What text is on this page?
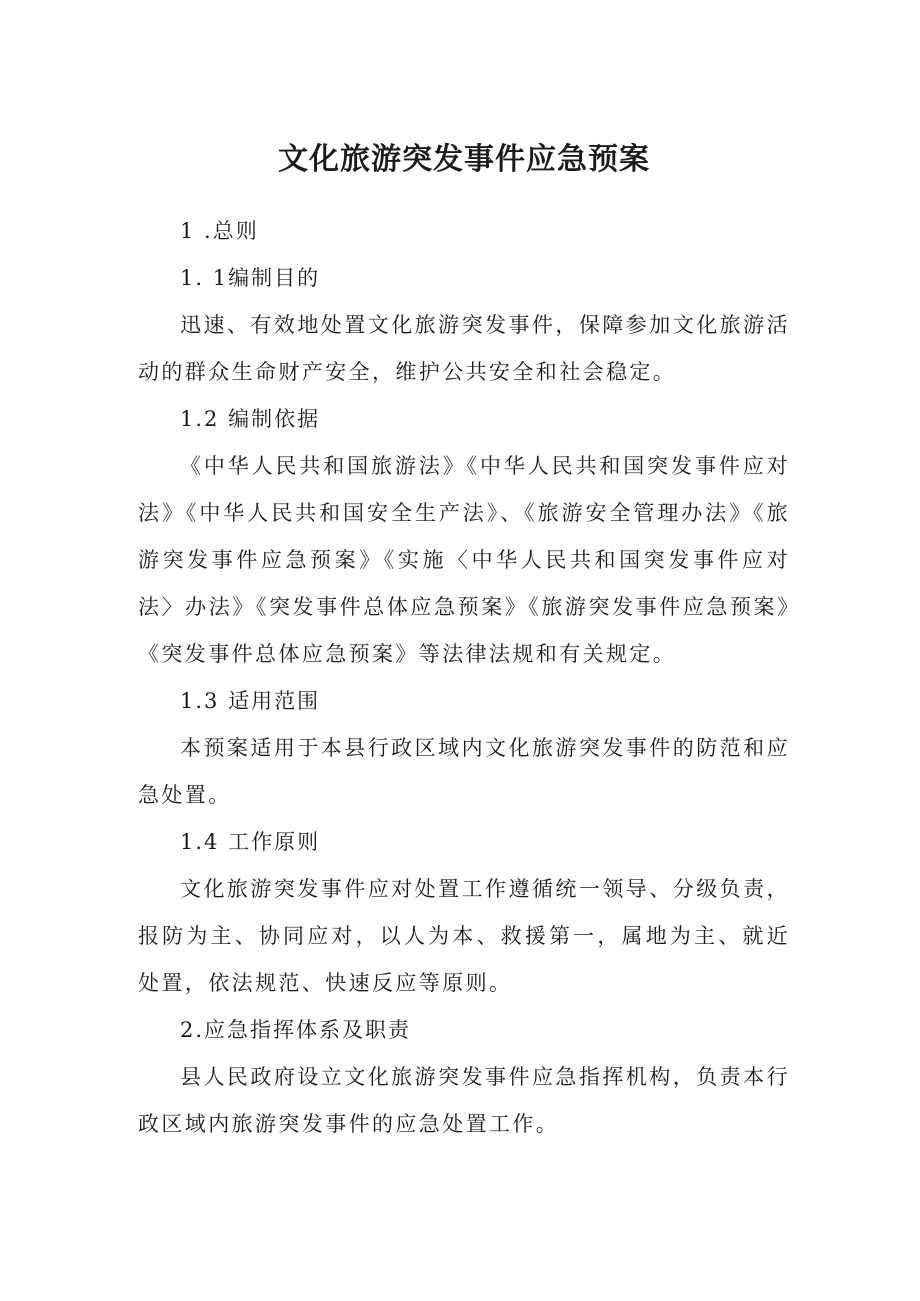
文化旅游突发事件应急预案

1 .总则

1. 1编制目的

迅速、有效地处置文化旅游突发事件，保障参加文化旅游活动的群众生命财产安全，维护公共安全和社会稳定。

1.2 编制依据

《中华人民共和国旅游法》《中华人民共和国突发事件应对法》《中华人民共和国安全生产法》、《旅游安全管理办法》《旅游突发事件应急预案》《实施〈中华人民共和国突发事件应对法〉办法》《突发事件总体应急预案》《旅游突发事件应急预案》《突发事件总体应急预案》等法律法规和有关规定。

1.3 适用范围

本预案适用于本县行政区域内文化旅游突发事件的防范和应急处置。

1.4 工作原则

文化旅游突发事件应对处置工作遵循统一领导、分级负责，报防为主、协同应对，以人为本、救援第一，属地为主、就近处置，依法规范、快速反应等原则。

2.应急指挥体系及职责

县人民政府设立文化旅游突发事件应急指挥机构，负责本行政区域内旅游突发事件的应急处置工作。
